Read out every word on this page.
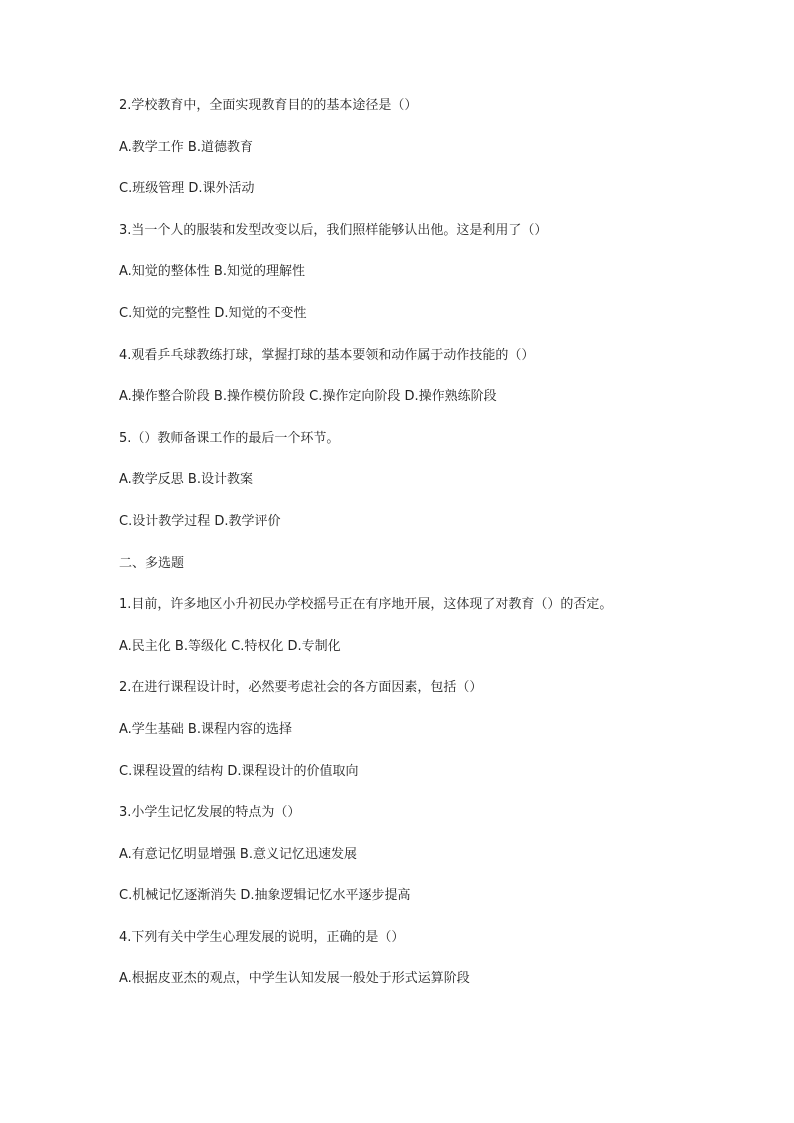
2.学校教育中，全面实现教育目的的基本途径是（）
A.教学工作 B.道德教育
C.班级管理 D.课外活动
3.当一个人的服装和发型改变以后，我们照样能够认出他。这是利用了（）
A.知觉的整体性 B.知觉的理解性
C.知觉的完整性 D.知觉的不变性
4.观看乒乓球教练打球，掌握打球的基本要领和动作属于动作技能的（）
A.操作整合阶段 B.操作模仿阶段 C.操作定向阶段 D.操作熟练阶段
5.（）教师备课工作的最后一个环节。
A.教学反思 B.设计教案
C.设计教学过程 D.教学评价
二、多选题
1.目前，许多地区小升初民办学校摇号正在有序地开展，这体现了对教育（）的否定。
A.民主化 B.等级化 C.特权化 D.专制化
2.在进行课程设计时，必然要考虑社会的各方面因素，包括（）
A.学生基础 B.课程内容的选择
C.课程设置的结构 D.课程设计的价值取向
3.小学生记忆发展的特点为（）
A.有意记忆明显增强 B.意义记忆迅速发展
C.机械记忆逐渐消失 D.抽象逻辑记忆水平逐步提高
4.下列有关中学生心理发展的说明，正确的是（）
A.根据皮亚杰的观点，中学生认知发展一般处于形式运算阶段
